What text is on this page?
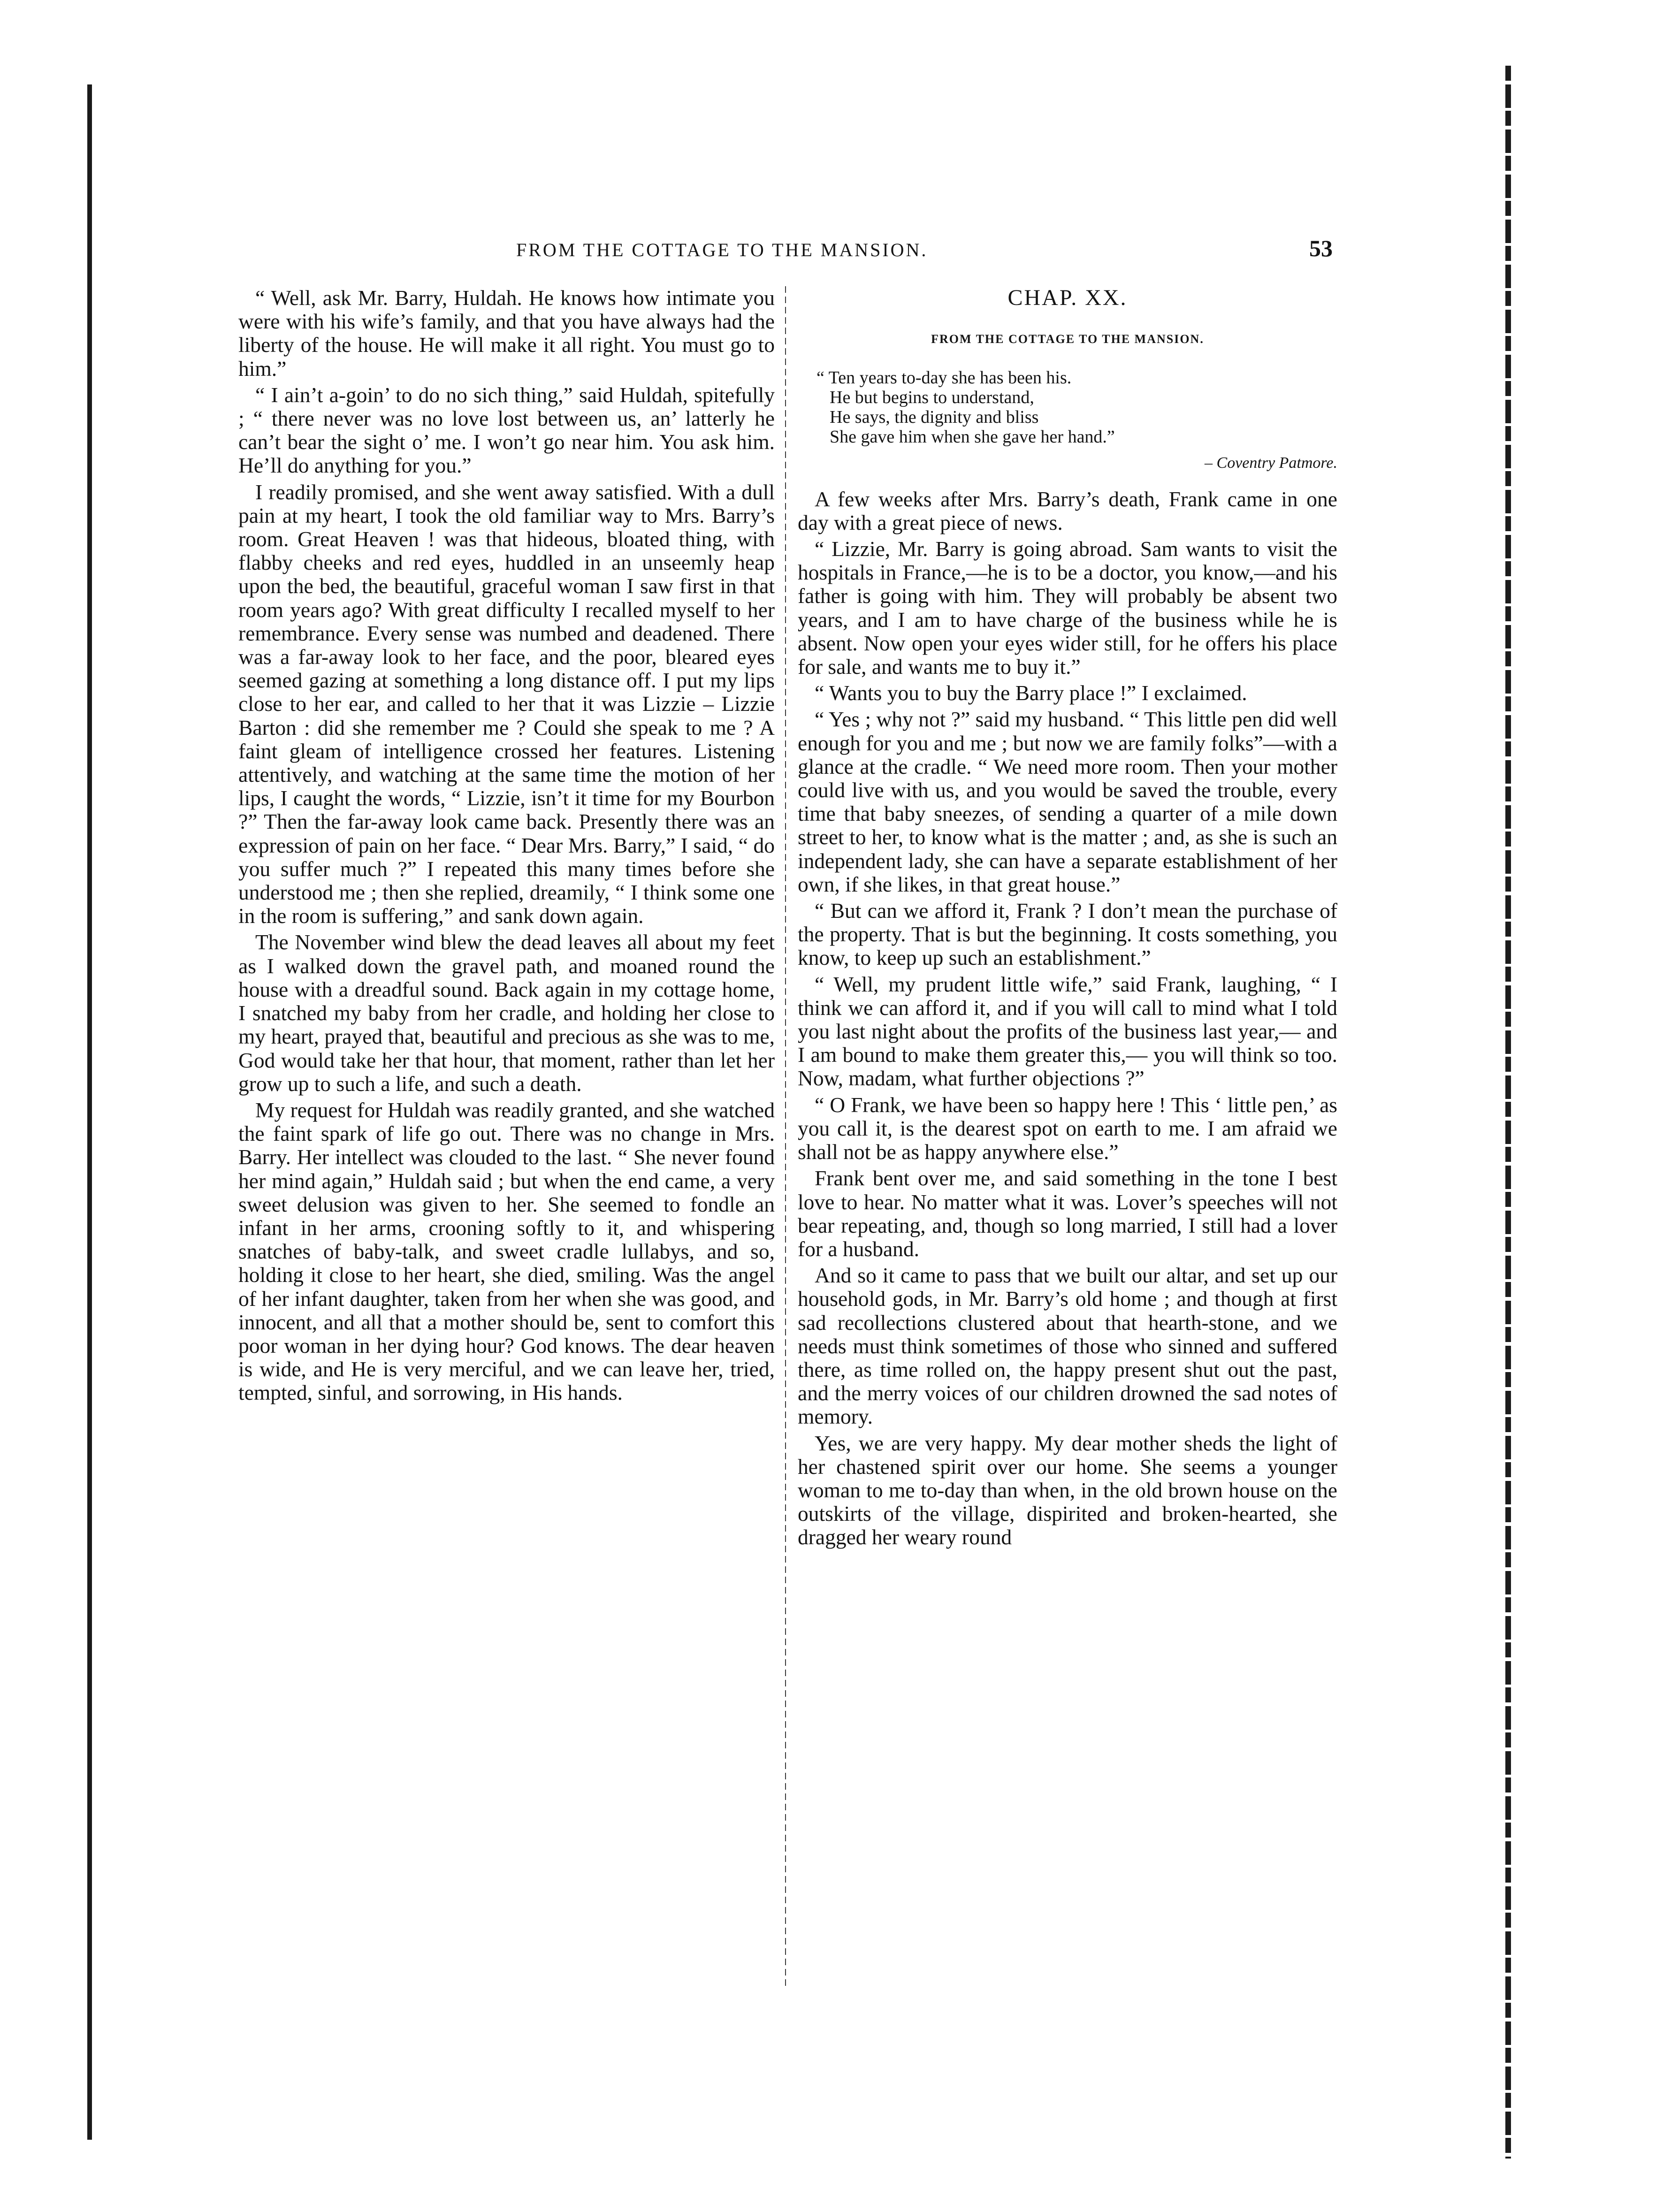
FROM THE COTTAGE TO THE MANSION.	53

“ Well, ask Mr. Barry, Huldah. He knows how intimate you were with his wife’s family, and that you have always had the liberty of the house. He will make it all right. You must go to him.”

“ I ain’t a-goin’ to do no sich thing,” said Huldah, spitefully ; “ there never was no love lost between us, an’ latterly he can’t bear the sight o’ me. I won’t go near him. You ask him. He’ll do anything for you.”

I readily promised, and she went away satisfied. With a dull pain at my heart, I took the old familiar way to Mrs. Barry’s room. Great Heaven ! was that hideous, bloated thing, with flabby cheeks and red eyes, huddled in an unseemly heap upon the bed, the beautiful, graceful woman I saw first in that room years ago? With great difficulty I recalled myself to her remembrance. Every sense was numbed and deadened. There was a far-away look to her face, and the poor, bleared eyes seemed gazing at something a long distance off. I put my lips close to her ear, and called to her that it was Lizzie – Lizzie Barton : did she remember me ? Could she speak to me ? A faint gleam of intelligence crossed her features. Listening attentively, and watching at the same time the motion of her lips, I caught the words, “ Lizzie, isn’t it time for my Bourbon ?” Then the far-away look came back. Presently there was an expression of pain on her face. “ Dear Mrs. Barry,” I said, “ do you suffer much ?” I repeated this many times before she understood me ; then she replied, dreamily, “ I think some one in the room is suffering,” and sank down again.

The November wind blew the dead leaves all about my feet as I walked down the gravel path, and moaned round the house with a dreadful sound. Back again in my cottage home, I snatched my baby from her cradle, and holding her close to my heart, prayed that, beautiful and precious as she was to me, God would take her that hour, that moment, rather than let her grow up to such a life, and such a death.

My request for Huldah was readily granted, and she watched the faint spark of life go out. There was no change in Mrs. Barry. Her intellect was clouded to the last. “ She never found her mind again,” Huldah said ; but when the end came, a very sweet delusion was given to her. She seemed to fondle an infant in her arms, crooning softly to it, and whispering snatches of baby-talk, and sweet cradle lullabys, and so, holding it close to her heart, she died, smiling. Was the angel of her infant daughter, taken from her when she was good, and innocent, and all that a mother should be, sent to comfort this poor woman in her dying hour? God knows. The dear heaven is wide, and He is very merciful, and we can leave her, tried, tempted, sinful, and sorrowing, in His hands.

CHAP. XX.
FROM THE COTTAGE TO THE MANSION.
“ Ten years to-day she has been his.
He but begins to understand,
He says, the dignity and bliss
She gave him when she gave her hand.”
– Coventry Patmore.

A few weeks after Mrs. Barry’s death, Frank came in one day with a great piece of news.

“ Lizzie, Mr. Barry is going abroad. Sam wants to visit the hospitals in France,—he is to be a doctor, you know,—and his father is going with him. They will probably be absent two years, and I am to have charge of the business while he is absent. Now open your eyes wider still, for he offers his place for sale, and wants me to buy it.”

“ Wants you to buy the Barry place !” I exclaimed.

“ Yes ; why not ?” said my husband. “ This little pen did well enough for you and me ; but now we are family folks”—with a glance at the cradle. “ We need more room. Then your mother could live with us, and you would be saved the trouble, every time that baby sneezes, of sending a quarter of a mile down street to her, to know what is the matter ; and, as she is such an independent lady, she can have a separate establishment of her own, if she likes, in that great house.”

“ But can we afford it, Frank ? I don’t mean the purchase of the property. That is but the beginning. It costs something, you know, to keep up such an establishment.”

“ Well, my prudent little wife,” said Frank, laughing, “ I think we can afford it, and if you will call to mind what I told you last night about the profits of the business last year,— and I am bound to make them greater this,— you will think so too. Now, madam, what further objections ?”

“ O Frank, we have been so happy here ! This ‘ little pen,’ as you call it, is the dearest spot on earth to me. I am afraid we shall not be as happy anywhere else.”

Frank bent over me, and said something in the tone I best love to hear. No matter what it was. Lover’s speeches will not bear repeating, and, though so long married, I still had a lover for a husband.

And so it came to pass that we built our altar, and set up our household gods, in Mr. Barry’s old home ; and though at first sad recollections clustered about that hearth-stone, and we needs must think sometimes of those who sinned and suffered there, as time rolled on, the happy present shut out the past, and the merry voices of our children drowned the sad notes of memory.

Yes, we are very happy. My dear mother sheds the light of her chastened spirit over our home. She seems a younger woman to me to-day than when, in the old brown house on the outskirts of the village, dispirited and broken-hearted, she dragged her weary round
